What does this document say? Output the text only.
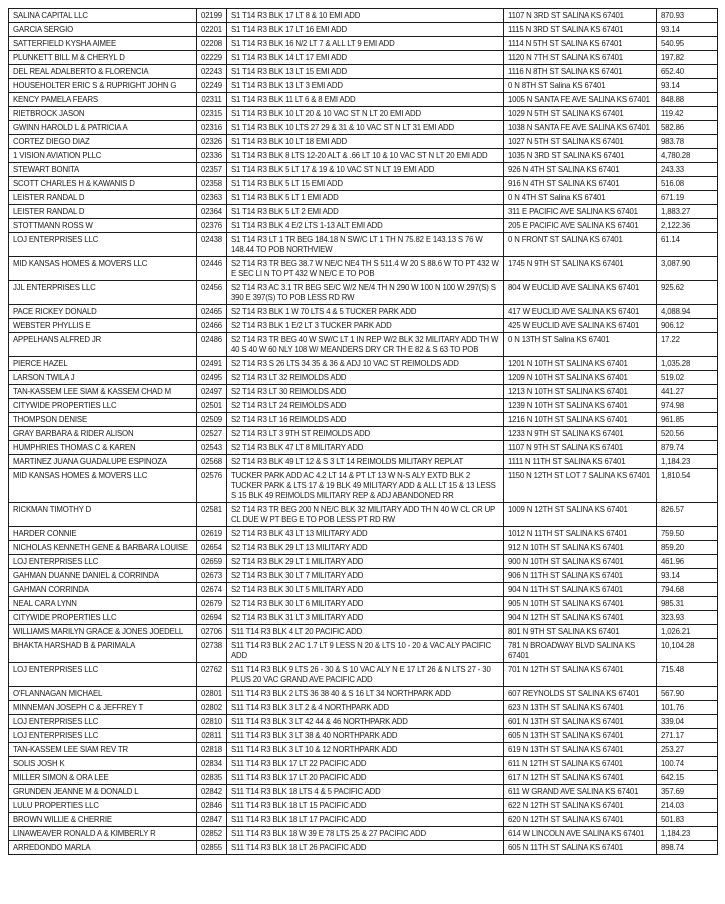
SALINA CAPITAL LLC	02199	S1 T14 R3 BLK 17 LT 8 & 10 EMI ADD	1107 N 3RD ST SALINA KS 67401	870.93
GARCIA SERGIO	02201	S1 T14 R3 BLK 17 LT 16 EMI ADD	1115 N 3RD ST SALINA KS 67401	93.14
SATTERFIELD KYSHA AIMEE	02208	S1 T14 R3 BLK 16 N/2 LT 7 & ALL LT 9 EMI ADD	1114 N 5TH ST SALINA KS 67401	540.95
PLUNKETT BILL M & CHERYL D	02229	S1 T14 R3 BLK 14 LT 17 EMI ADD	1120 N 7TH ST SALINA KS 67401	197.82
DEL REAL ADALBERTO & FLORENCIA	02243	S1 T14 R3 BLK 13 LT 15 EMI ADD	1116 N 8TH ST SALINA KS 67401	652.40
HOUSEHOLTER ERIC S & RUPRIGHT JOHN G	02249	S1 T14 R3 BLK 13 LT 3 EMI ADD	0 N 8TH ST Salina KS 67401	93.14
KENCY PAMELA FEARS	02311	S1 T14 R3 BLK 11 LT 6 & 8 EMI ADD	1005 N SANTA FE AVE SALINA KS 67401	848.88
RIETBROCK JASON	02315	S1 T14 R3 BLK 10 LT 20 & 10 VAC ST N LT 20 EMI ADD	1029 N 5TH ST SALINA KS 67401	119.42
GWINN HAROLD L & PATRICIA A	02316	S1 T14 R3 BLK 10 LTS 27 29 & 31 & 10 VAC ST N LT 31 EMI ADD	1038 N SANTA FE AVE SALINA KS 67401	582.86
CORTEZ DIEGO DIAZ	02326	S1 T14 R3 BLK 10 LT 18 EMI ADD	1027 N 5TH ST SALINA KS 67401	983.78
1 VISION AVIATION PLLC	02336	S1 T14 R3 BLK 8 LTS 12-20 ALT & .66 LT 10 & 10 VAC ST N LT 20 EMI ADD	1035 N 3RD ST SALINA KS 67401	4,780.28
STEWART BONITA	02357	S1 T14 R3 BLK 5 LT 17 & 19 & 10 VAC ST N LT 19 EMI ADD	926 N 4TH ST SALINA KS 67401	243.33
SCOTT CHARLES H & KAWANIS D	02358	S1 T14 R3 BLK 5 LT 15 EMI ADD	916 N 4TH ST SALINA KS 67401	516.08
LEISTER RANDAL D	02363	S1 T14 R3 BLK 5 LT 1 EMI ADD	0 N 4TH ST Salina KS 67401	671.19
LEISTER RANDAL D	02364	S1 T14 R3 BLK 5 LT 2 EMI ADD	311 E PACIFIC AVE SALINA KS 67401	1,883.27
STOTTMANN ROSS W	02376	S1 T14 R3 BLK 4 E/2 LTS 1-13 ALT EMI ADD	205 E PACIFIC AVE SALINA KS 67401	2,122.36
LOJ ENTERPRISES LLC	02438	S1 T14 R3 LT 1 TR BEG 184.18 N SW/C LT 1 TH N 75.82 E 143.13 S 76 W 148.44 TO POB NORTHVIEW	0 N FRONT ST SALINA KS 67401	61.14
MID KANSAS HOMES & MOVERS LLC	02446	S2 T14 R3 TR BEG 38.7 W NE/C NE4 TH S 511.4 W 20 S 88.6 W TO PT 432 W E SEC LI N TO PT 432 W NE/C E TO POB	1745 N 9TH ST SALINA KS 67401	3,087.90
JJL ENTERPRISES LLC	02456	S2 T14 R3 AC 3.1 TR BEG SE/C W/2 NE/4 TH N 290 W 100 N 100 W 297(S) S 390 E 397(S) TO POB LESS RD RW	804 W EUCLID AVE SALINA KS 67401	925.62
PACE RICKEY DONALD	02465	S2 T14 R3 BLK 1 W 70 LTS 4 & 5 TUCKER PARK ADD	417 W EUCLID AVE SALINA KS 67401	4,088.94
WEBSTER PHYLLIS E	02466	S2 T14 R3 BLK 1 E/2 LT 3 TUCKER PARK ADD	425 W EUCLID AVE SALINA KS 67401	906.12
APPELHANS ALFRED JR	02486	S2 T14 R3 TR BEG 40 W SW/C LT 1 IN REP W/2 BLK 32 MILITARY ADD TH W 40 S 40 W 60 NLY 108 W/ MEANDERS DRY CR TH E 82 & S 63 TO POB	0 N 13TH ST Salina KS 67401	17.22
PIERCE HAZEL	02491	S2 T14 R3 S 26 LTS 34 35 & 36 & ADJ 10 VAC ST REIMOLDS ADD	1201 N 10TH ST SALINA KS 67401	1,035.28
LARSON TWILA J	02495	S2 T14 R3 LT 32 REIMOLDS ADD	1209 N 10TH ST SALINA KS 67401	519.02
TAN-KASSEM LEE SIAM & KASSEM CHAD M	02497	S2 T14 R3 LT 30 REIMOLDS ADD	1213 N 10TH ST SALINA KS 67401	441.27
CITYWIDE PROPERTIES LLC	02501	S2 T14 R3 LT 24 REIMOLDS ADD	1239 N 10TH ST SALINA KS 67401	974.98
THOMPSON DENISE	02509	S2 T14 R3 LT 16 REIMOLDS ADD	1216 N 10TH ST SALINA KS 67401	961.85
GRAY BARBARA & RIDER ALISON	02527	S2 T14 R3 LT 3 9TH ST REIMOLDS ADD	1233 N 9TH ST SALINA KS 67401	520.56
HUMPHRIES THOMAS C & KAREN	02543	S2 T14 R3 BLK 47 LT 8 MILITARY ADD	1107 N 9TH ST SALINA KS 67401	879.74
MARTINEZ JUANA GUADALUPE ESPINOZA	02568	S2 T14 R3 BLK 49 LT 12 & S 3 LT 14 REIMOLDS MILITARY REPLAT	1111 N 11TH ST SALINA KS 67401	1,184.23
MID KANSAS HOMES & MOVERS LLC	02576	TUCKER PARK ADD AC 4.2 LT 14 & PT LT 13 W N-S ALY EXTD BLK 2 TUCKER PARK & LTS 17 & 19 BLK 49 MILITARY ADD & ALL LT 15 & 13 LESS S 15 BLK 49 REIMOLDS MILITARY REP & ADJ ABANDONED RR	1150 N 12TH ST LOT 7 SALINA KS 67401	1,810.54
RICKMAN TIMOTHY D	02581	S2 T14 R3 TR BEG 200 N NE/C BLK 32 MILITARY ADD TH N 40 W CL CR UP CL DUE W PT BEG E TO POB LESS PT RD RW	1009 N 12TH ST SALINA KS 67401	826.57
HARDER CONNIE	02619	S2 T14 R3 BLK 43 LT 13 MILITARY ADD	1012 N 11TH ST SALINA KS 67401	759.50
NICHOLAS KENNETH GENE & BARBARA LOUISE	02654	S2 T14 R3 BLK 29 LT 13 MILITARY ADD	912 N 10TH ST SALINA KS 67401	859.20
LOJ ENTERPRISES LLC	02659	S2 T14 R3 BLK 29 LT 1 MILITARY ADD	900 N 10TH ST SALINA KS 67401	461.96
GAHMAN DUANNE DANIEL & CORRINDA	02673	S2 T14 R3 BLK 30 LT 7 MILITARY ADD	906 N 11TH ST SALINA KS 67401	93.14
GAHMAN CORRINDA	02674	S2 T14 R3 BLK 30 LT 5 MILITARY ADD	904 N 11TH ST SALINA KS 67401	794.68
NEAL CARA LYNN	02679	S2 T14 R3 BLK 30 LT 6 MILITARY ADD	905 N 10TH ST SALINA KS 67401	985.31
CITYWIDE PROPERTIES LLC	02694	S2 T14 R3 BLK 31 LT 3 MILITARY ADD	904 N 12TH ST SALINA KS 67401	323.93
WILLIAMS MARILYN GRACE & JONES JOEDELL	02706	S11 T14 R3 BLK 4 LT 20 PACIFIC ADD	801 N 9TH ST SALINA KS 67401	1,026.21
BHAKTA HARSHAD B & PARIMALA	02738	S11 T14 R3 BLK 2 AC 1.7 LT 9 LESS N 20 & LTS 10 - 20 & VAC ALY PACIFIC ADD	781 N BROADWAY BLVD SALINA KS 67401	10,104.28
LOJ ENTERPRISES LLC	02762	S11 T14 R3 BLK 9 LTS 26 - 30 & S 10 VAC ALY N E 17 LT 26 & N LTS 27 - 30 PLUS 20 VAC GRAND AVE PACIFIC ADD	701 N 12TH ST SALINA KS 67401	715.48
O'FLANNAGAN MICHAEL	02801	S11 T14 R3 BLK 2 LTS 36 38 40 & S 16 LT 34 NORTHPARK ADD	607 REYNOLDS ST SALINA KS 67401	567.90
MINNEMAN JOSEPH C & JEFFREY T	02802	S11 T14 R3 BLK 3 LT 2 & 4 NORTHPARK ADD	623 N 13TH ST SALINA KS 67401	101.76
LOJ ENTERPRISES LLC	02810	S11 T14 R3 BLK 3 LT 42 44 & 46 NORTHPARK ADD	601 N 13TH ST SALINA KS 67401	339.04
LOJ ENTERPRISES LLC	02811	S11 T14 R3 BLK 3 LT 38 & 40 NORTHPARK ADD	605 N 13TH ST SALINA KS 67401	271.17
TAN-KASSEM LEE SIAM REV TR	02818	S11 T14 R3 BLK 3 LT 10 & 12 NORTHPARK ADD	619 N 13TH ST SALINA KS 67401	253.27
SOLIS JOSH K	02834	S11 T14 R3 BLK 17 LT 22 PACIFIC ADD	611 N 12TH ST SALINA KS 67401	100.74
MILLER SIMON & ORA LEE	02835	S11 T14 R3 BLK 17 LT 20 PACIFIC ADD	617 N 12TH ST SALINA KS 67401	642.15
GRUNDEN JEANNE M & DONALD L	02842	S11 T14 R3 BLK 18 LTS 4 & 5 PACIFIC ADD	611 W GRAND AVE SALINA KS 67401	357.69
LULU PROPERTIES LLC	02846	S11 T14 R3 BLK 18 LT 15 PACIFIC ADD	622 N 12TH ST SALINA KS 67401	214.03
BROWN WILLIE & CHERRIE	02847	S11 T14 R3 BLK 18 LT 17 PACIFIC ADD	620 N 12TH ST SALINA KS 67401	501.83
LINAWEAVER RONALD A & KIMBERLY R	02852	S11 T14 R3 BLK 18 W 39 E 78 LTS 25 & 27 PACIFIC ADD	614 W LINCOLN AVE SALINA KS 67401	1,184.23
ARREDONDO MARLA	02855	S11 T14 R3 BLK 18 LT 26 PACIFIC ADD	605 N 11TH ST SALINA KS 67401	898.74
